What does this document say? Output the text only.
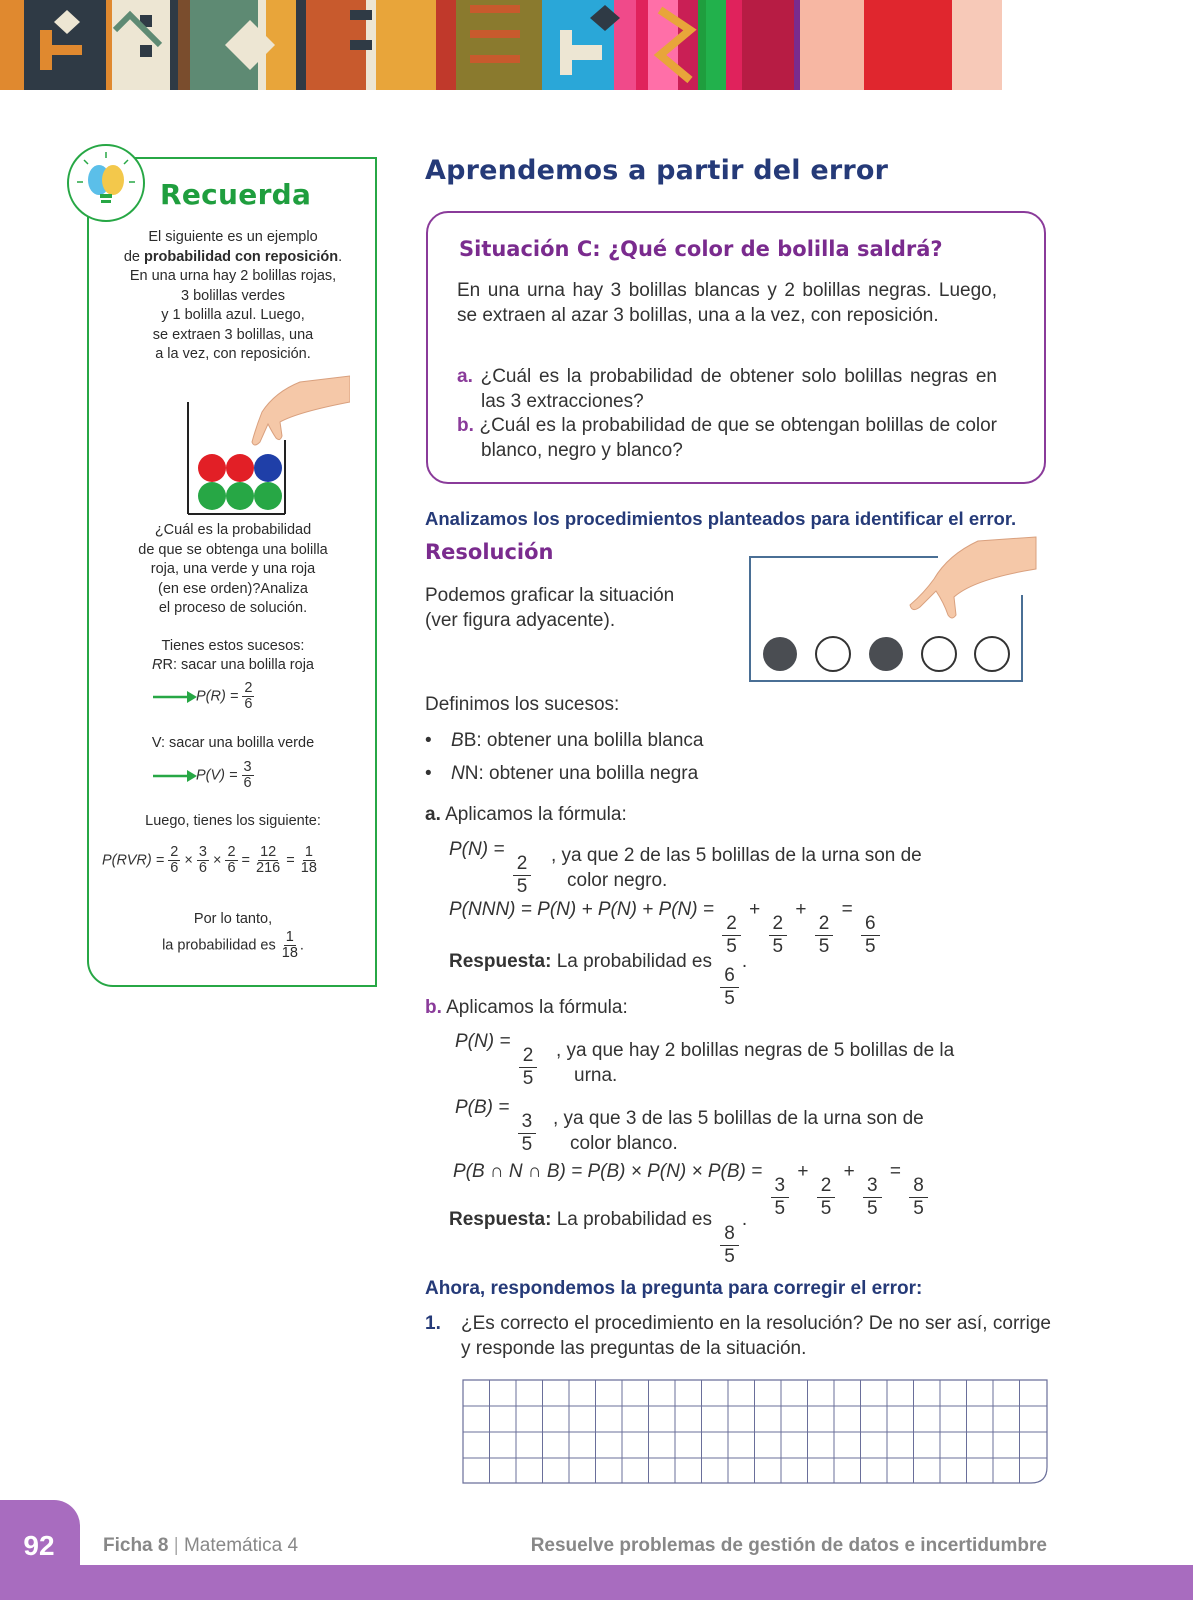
Recuerda
El siguiente es un ejemplo
de probabilidad con reposición.
En una urna hay 2 bolillas rojas,
3 bolillas verdes
y 1 bolilla azul. Luego,
se extraen 3 bolillas, una
a la vez, con reposición.
¿Cuál es la probabilidad
de que se obtenga una bolilla
roja, una verde y una roja
(en ese orden)?Analiza
el proceso de solución.
Tienes estos sucesos:
RR: sacar una bolilla roja
$P(R) = \frac{2}{6}$
V: sacar una bolilla verde
$P(V) = \frac{3}{6}$
Luego, tienes los siguiente:
$P(RVR) = \frac{2}{6} \times \frac{3}{6} \times \frac{2}{6} = \frac{12}{216} = \frac{1}{18}$
Por lo tanto,
la probabilidad es $\frac{1}{18}$ .
Aprendemos a partir del error
Situación C: ¿Qué color de bolilla saldrá?
En una urna hay 3 bolillas blancas y 2 bolillas negras. Luego, se extraen al azar 3 bolillas, una a la vez, con reposición.
a. ¿Cuál es la probabilidad de obtener solo bolillas negras en las 3 extracciones?
b. ¿Cuál es la probabilidad de que se obtengan bolillas de color blanco, negro y blanco?
Analizamos los procedimientos planteados para identificar el error.
Resolución
Podemos graficar la situación
(ver figura adyacente).
Definimos los sucesos:
• BB: obtener una bolilla blanca
• NN: obtener una bolilla negra
a. Aplicamos la fórmula:
P(N) =
$\frac{2}{5}$ , ya que 2 de las 5 bolillas de la urna son de
color negro.
P(NNN) = P(N) + P(N) + P(N) =
$\frac{2}{5}$
+
$\frac{2}{5}$
+
$\frac{2}{5}$
=
$\frac{6}{5}$
Respuesta: La probabilidad es
$\frac{6}{5}$
.
b. Aplicamos la fórmula:
P(N) =
$\frac{2}{5}$ , ya que hay 2 bolillas negras de 5 bolillas de la
urna.
P(B) =
$\frac{3}{5}$ , ya que 3 de las 5 bolillas de la urna son de
color blanco.
P(B ∩ N ∩ B) = P(B) × P(N) × P(B) =
$\frac{3}{5}$
+
$\frac{2}{5}$
+
$\frac{3}{5}$
=
$\frac{8}{5}$
Respuesta: La probabilidad es
$\frac{8}{5}$
.
Ahora, respondemos la pregunta para corregir el error:
1. ¿Es correcto el procedimiento en la resolución? De no ser así, corrige y responde las preguntas de la situación.
92	Ficha 8 | Matemática 4	Resuelve problemas de gestión de datos e incertidumbre
